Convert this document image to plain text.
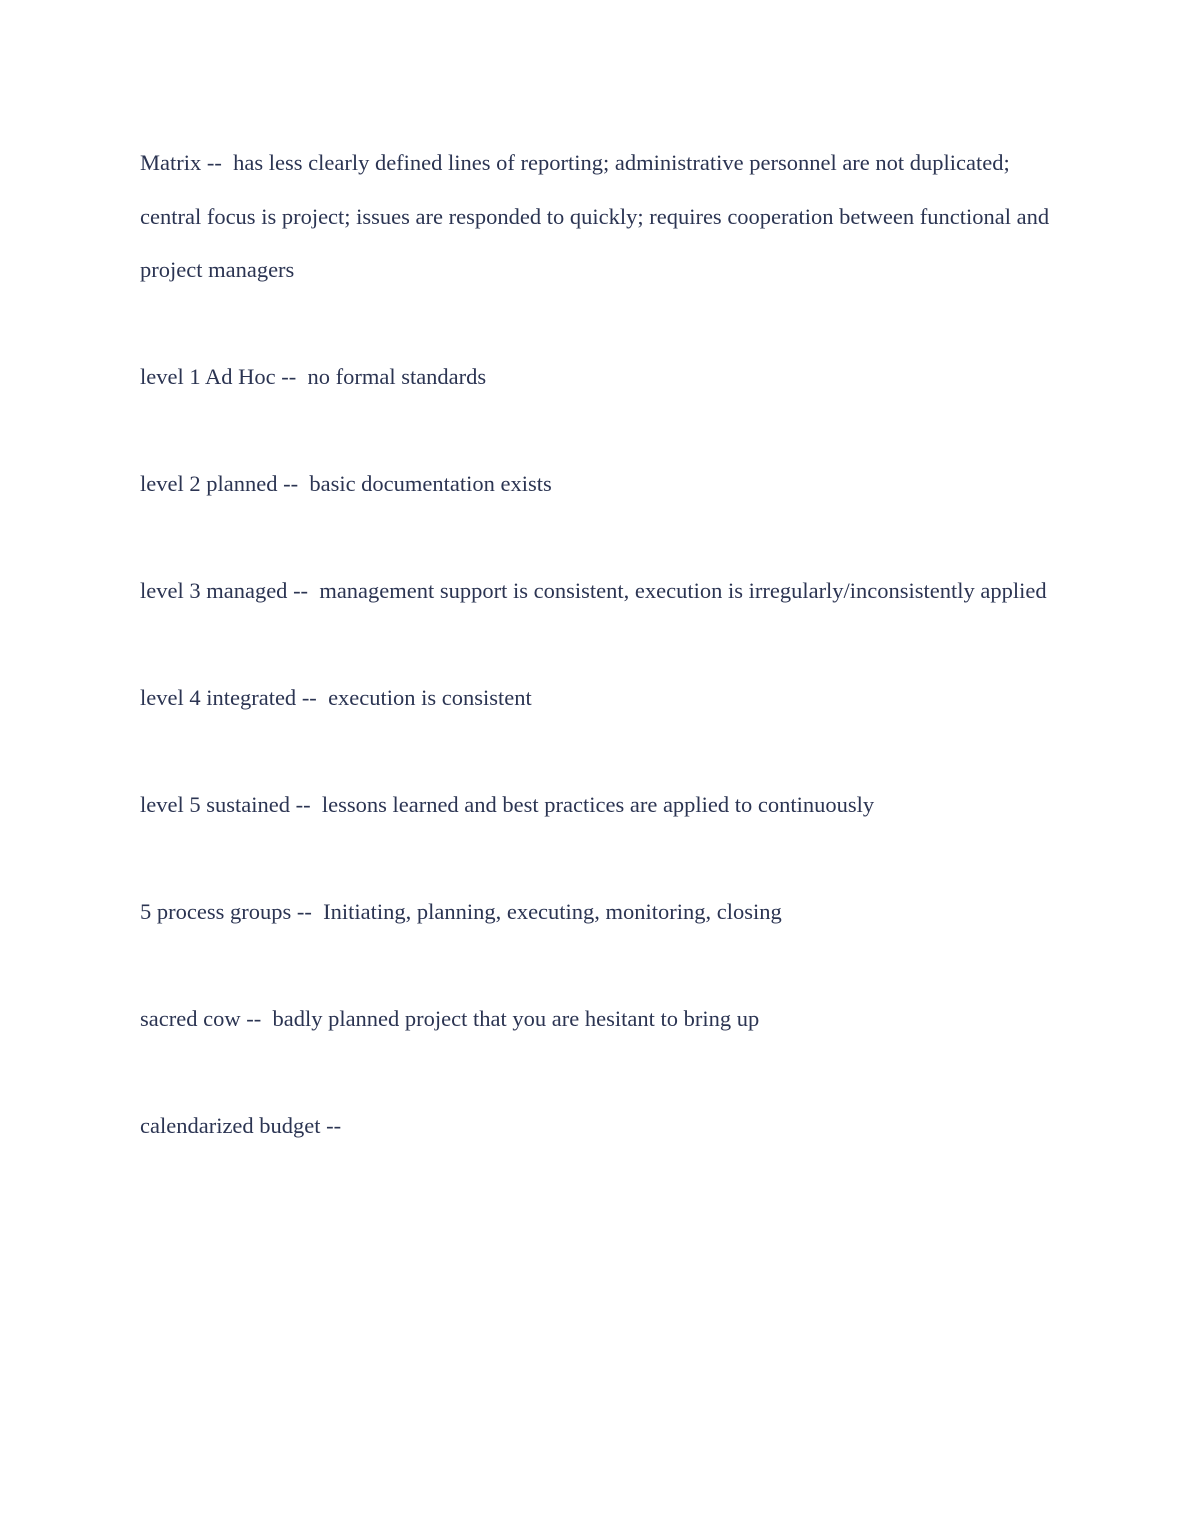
Matrix --  has less clearly defined lines of reporting; administrative personnel are not duplicated; central focus is project; issues are responded to quickly; requires cooperation between functional and project managers

level 1 Ad Hoc --  no formal standards

level 2 planned --  basic documentation exists

level 3 managed --  management support is consistent, execution is irregularly/inconsistently applied

level 4 integrated --  execution is consistent

level 5 sustained --  lessons learned and best practices are applied to continuously

5 process groups --  Initiating, planning, executing, monitoring, closing

sacred cow --  badly planned project that you are hesitant to bring up

calendarized budget --
